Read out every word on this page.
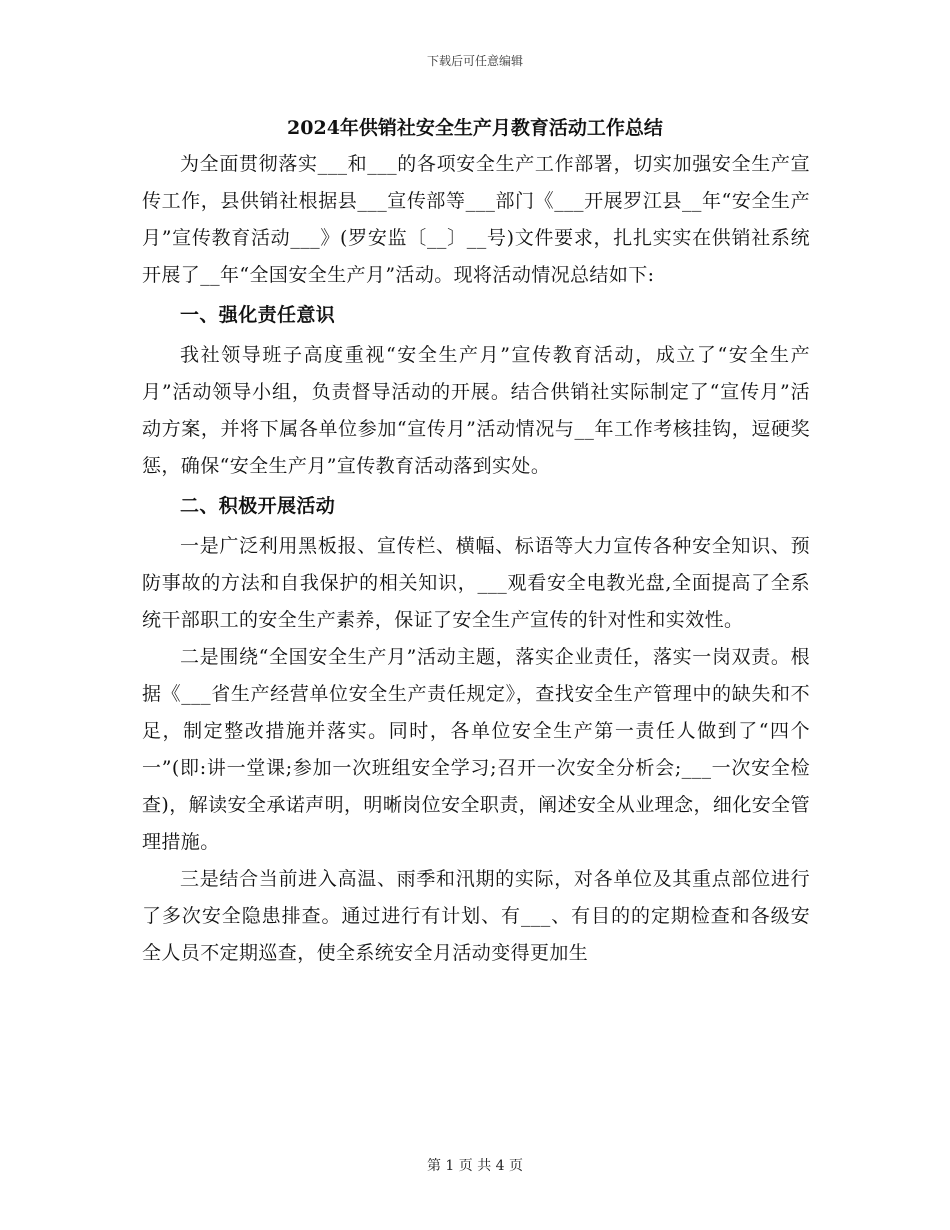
下载后可任意编辑
2024年供销社安全生产月教育活动工作总结

为全面贯彻落实___和___的各项安全生产工作部署，切实加强安全生产宣传工作，县供销社根据县___宣传部等___部门《___开展罗江县__年“安全生产月”宣传教育活动___》(罗安监〔__〕__号)文件要求，扎扎实实在供销社系统开展了__年“全国安全生产月”活动。现将活动情况总结如下:

一、强化责任意识

我社领导班子高度重视“安全生产月”宣传教育活动，成立了“安全生产月”活动领导小组，负责督导活动的开展。结合供销社实际制定了“宣传月”活动方案，并将下属各单位参加“宣传月”活动情况与__年工作考核挂钩，逗硬奖惩，确保“安全生产月”宣传教育活动落到实处。

二、积极开展活动

一是广泛利用黑板报、宣传栏、横幅、标语等大力宣传各种安全知识、预防事故的方法和自我保护的相关知识，___观看安全电教光盘,全面提高了全系统干部职工的安全生产素养，保证了安全生产宣传的针对性和实效性。

二是围绕“全国安全生产月”活动主题，落实企业责任，落实一岗双责。根据《___省生产经营单位安全生产责任规定》，查找安全生产管理中的缺失和不足，制定整改措施并落实。同时，各单位安全生产第一责任人做到了“四个一”(即:讲一堂课;参加一次班组安全学习;召开一次安全分析会;___一次安全检查)，解读安全承诺声明，明晰岗位安全职责，阐述安全从业理念，细化安全管理措施。

三是结合当前进入高温、雨季和汛期的实际，对各单位及其重点部位进行了多次安全隐患排查。通过进行有计划、有___、有目的的定期检查和各级安全人员不定期巡查，使全系统安全月活动变得更加生

第 1 页 共 4 页
